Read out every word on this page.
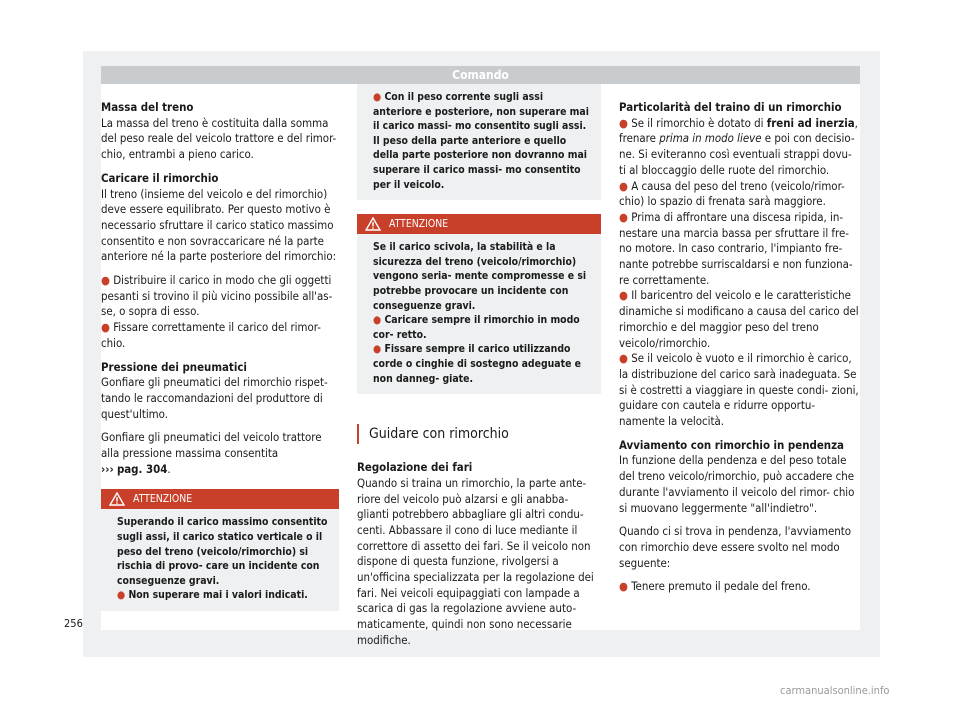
Comando

Massa del treno

La massa del treno è costituita dalla somma del peso reale del veicolo trattore e del rimor- chio, entrambi a pieno carico.

Caricare il rimorchio

Il treno (insieme del veicolo e del rimorchio) deve essere equilibrato. Per questo motivo è necessario sfruttare il carico statico massimo consentito e non sovraccaricare né la parte anteriore né la parte posteriore del rimorchio:

● Distribuire il carico in modo che gli oggetti pesanti si trovino il più vicino possibile all'as- se, o sopra di esso.

● Fissare correttamente il carico del rimor- chio.

Pressione dei pneumatici

Gonfiare gli pneumatici del rimorchio rispet- tando le raccomandazioni del produttore di quest'ultimo.

Gonfiare gli pneumatici del veicolo trattore alla pressione massima consentita
››› pag. 304.

ATTENZIONE

Superando il carico massimo consentito sugli assi, il carico statico verticale o il peso del treno (veicolo/rimorchio) si rischia di provo- care un incidente con conseguenze gravi.

● Non superare mai i valori indicati.

● Con il peso corrente sugli assi anteriore e posteriore, non superare mai il carico massi- mo consentito sugli assi. Il peso della parte anteriore e quello della parte posteriore non dovranno mai superare il carico massi- mo consentito per il veicolo.

ATTENZIONE

Se il carico scivola, la stabilità e la sicurezza del treno (veicolo/rimorchio) vengono seria- mente compromesse e si potrebbe provocare un incidente con conseguenze gravi.

● Caricare sempre il rimorchio in modo cor- retto.

● Fissare sempre il carico utilizzando corde o cinghie di sostegno adeguate e non danneg- giate.

Guidare con rimorchio

Regolazione dei fari

Quando si traina un rimorchio, la parte ante- riore del veicolo può alzarsi e gli anabba- glianti potrebbero abbagliare gli altri condu- centi. Abbassare il cono di luce mediante il correttore di assetto dei fari. Se il veicolo non dispone di questa funzione, rivolgersi a un'officina specializzata per la regolazione dei fari. Nei veicoli equipaggiati con lampade a scarica di gas la regolazione avviene auto- maticamente, quindi non sono necessarie modifiche.

Particolarità del traino di un rimorchio

● Se il rimorchio è dotato di freni ad inerzia, frenare prima in modo lieve e poi con decisio- ne. Si eviteranno così eventuali strappi dovu- ti al bloccaggio delle ruote del rimorchio.

● A causa del peso del treno (veicolo/rimor- chio) lo spazio di frenata sarà maggiore.

● Prima di affrontare una discesa ripida, in- nestare una marcia bassa per sfruttare il fre- no motore. In caso contrario, l'impianto fre- nante potrebbe surriscaldarsi e non funziona- re correttamente.

● Il baricentro del veicolo e le caratteristiche dinamiche si modificano a causa del carico del rimorchio e del maggior peso del treno veicolo/rimorchio.

● Se il veicolo è vuoto e il rimorchio è carico, la distribuzione del carico sarà inadeguata. Se si è costretti a viaggiare in queste condi- zioni, guidare con cautela e ridurre opportu- namente la velocità.

Avviamento con rimorchio in pendenza

In funzione della pendenza e del peso totale del treno veicolo/rimorchio, può accadere che durante l'avviamento il veicolo del rimor- chio si muovano leggermente "all'indietro".

Quando ci si trova in pendenza, l'avviamento con rimorchio deve essere svolto nel modo seguente:

● Tenere premuto il pedale del freno.

256
carmanualsonline.info
